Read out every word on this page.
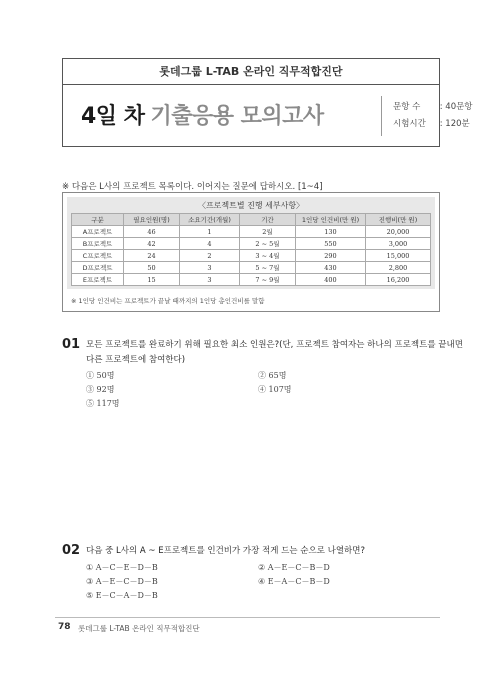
롯데그룹 L-TAB 온라인 직무적합진단
4일 차 기출응용 모의고사	문항 수 : 40문항
시험시간 : 120분
※ 다음은 L사의 프로젝트 목록이다. 이어지는 질문에 답하시오. [1~4]
〈프로젝트별 진행 세부사항〉
구분	필요인원(명)	소요기간(개월)	기간	1인당 인건비(만 원)	진행비(만 원)
A프로젝트	46	1	2월	130	20,000
B프로젝트	42	4	2 ~ 5월	550	3,000
C프로젝트	24	2	3 ~ 4월	290	15,000
D프로젝트	50	3	5 ~ 7월	430	2,800
E프로젝트	15	3	7 ~ 9월	400	16,200
※ 1인당 인건비는 프로젝트가 끝날 때까지의 1인당 총인건비를 말함
01 모든 프로젝트를 완료하기 위해 필요한 최소 인원은?(단, 프로젝트 참여자는 하나의 프로젝트를 끝내면
다른 프로젝트에 참여한다)
① 50명	② 65명
③ 92명	④ 107명
⑤ 117명
02 다음 중 L사의 A ~ E프로젝트를 인건비가 가장 적게 드는 순으로 나열하면?
① A－C－E－D－B	② A－E－C－B－D
③ A－E－C－D－B	④ E－A－C－B－D
⑤ E－C－A－D－B
78 롯데그룹 L-TAB 온라인 직무적합진단
